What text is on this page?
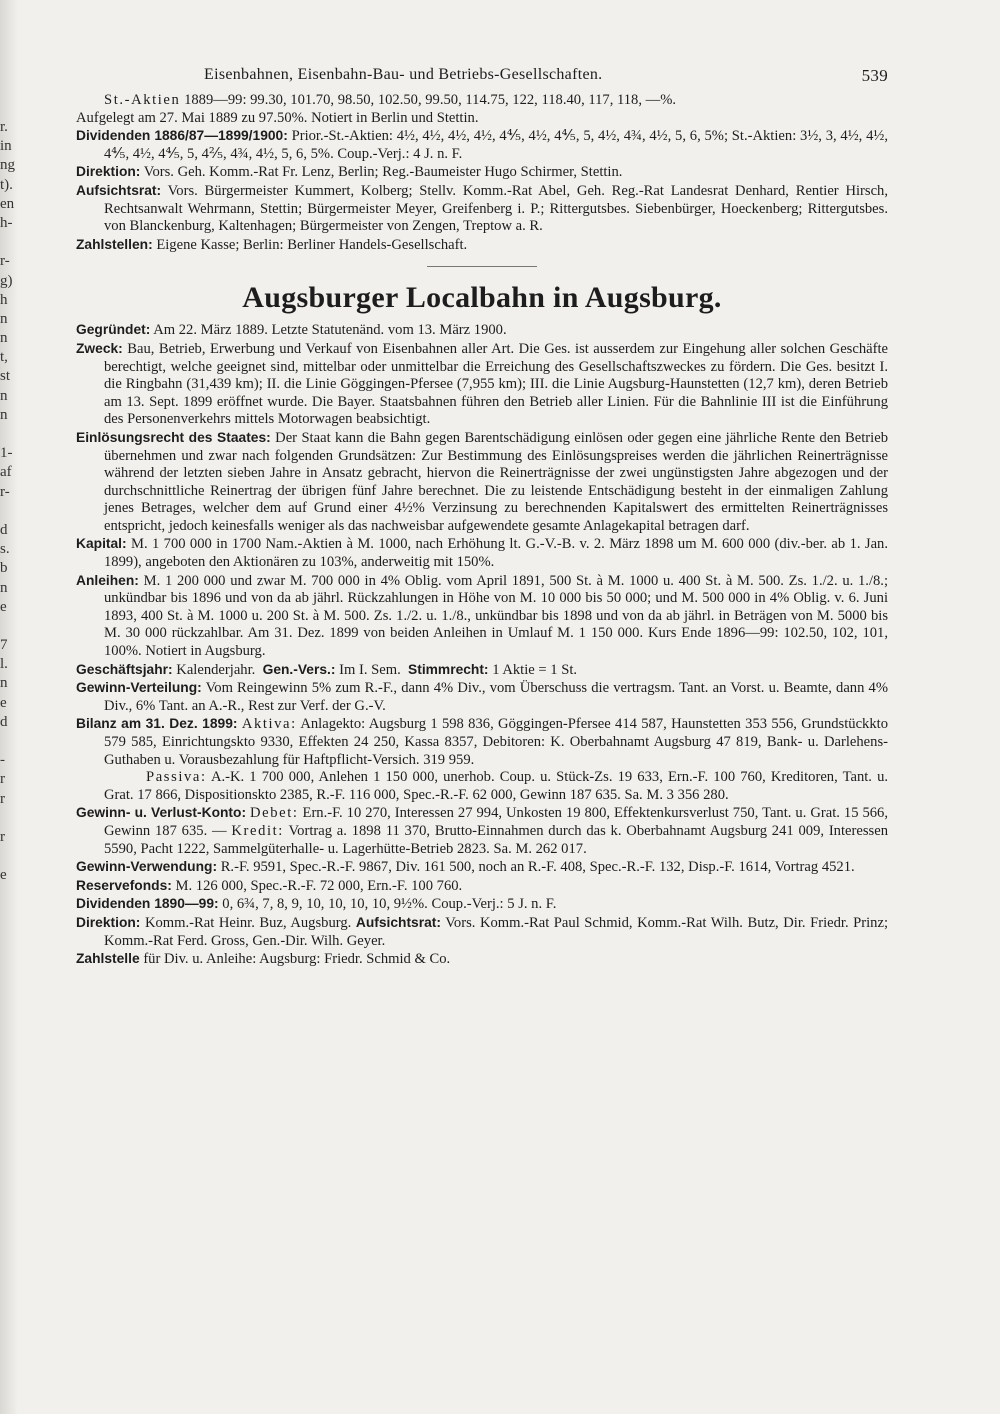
r.
in
ng
t).
en
h-
r-
g)
h
n
n
t,
st
n
n
1-
af
r-
d
s.
b
n
e
7
l.
n
e
d
-
r
r
r
e
Eisenbahnen, Eisenbahn-Bau- und Betriebs-Gesellschaften.	539

St.-Aktien 1889—99: 99.30, 101.70, 98.50, 102.50, 99.50, 114.75, 122, 118.40, 117, 118, —%.

Aufgelegt am 27. Mai 1889 zu 97.50%. Notiert in Berlin und Stettin.

Dividenden 1886/87—1899/1900: Prior.-St.-Aktien: 4½, 4½, 4½, 4½, 4⅘, 4½, 4⅘, 5, 4½, 4¾, 4½, 5, 6, 5%; St.-Aktien: 3½, 3, 4½, 4½, 4⅘, 4½, 4⅘, 5, 4⅖, 4¾, 4½, 5, 6, 5%. Coup.-Verj.: 4 J. n. F.

Direktion: Vors. Geh. Komm.-Rat Fr. Lenz, Berlin; Reg.-Baumeister Hugo Schirmer, Stettin.

Aufsichtsrat: Vors. Bürgermeister Kummert, Kolberg; Stellv. Komm.-Rat Abel, Geh. Reg.-Rat Landesrat Denhard, Rentier Hirsch, Rechtsanwalt Wehrmann, Stettin; Bürgermeister Meyer, Greifenberg i. P.; Rittergutsbes. Siebenbürger, Hoeckenberg; Rittergutsbes. von Blanckenburg, Kaltenhagen; Bürgermeister von Zengen, Treptow a. R.

Zahlstellen: Eigene Kasse; Berlin: Berliner Handels-Gesellschaft.

Augsburger Localbahn in Augsburg.

Gegründet: Am 22. März 1889. Letzte Statutenänd. vom 13. März 1900.

Zweck: Bau, Betrieb, Erwerbung und Verkauf von Eisenbahnen aller Art. Die Ges. ist ausserdem zur Eingehung aller solchen Geschäfte berechtigt, welche geeignet sind, mittelbar oder unmittelbar die Erreichung des Gesellschaftszweckes zu fördern. Die Ges. besitzt I. die Ringbahn (31,439 km); II. die Linie Göggingen-Pfersee (7,955 km); III. die Linie Augsburg-Haunstetten (12,7 km), deren Betrieb am 13. Sept. 1899 eröffnet wurde. Die Bayer. Staatsbahnen führen den Betrieb aller Linien. Für die Bahnlinie III ist die Einführung des Personenverkehrs mittels Motorwagen beabsichtigt.

Einlösungsrecht des Staates: Der Staat kann die Bahn gegen Barentschädigung einlösen oder gegen eine jährliche Rente den Betrieb übernehmen und zwar nach folgenden Grundsätzen: Zur Bestimmung des Einlösungspreises werden die jährlichen Reinerträgnisse während der letzten sieben Jahre in Ansatz gebracht, hiervon die Reinerträgnisse der zwei ungünstigsten Jahre abgezogen und der durchschnittliche Reinertrag der übrigen fünf Jahre berechnet. Die zu leistende Entschädigung besteht in der einmaligen Zahlung jenes Betrages, welcher dem auf Grund einer 4½% Verzinsung zu berechnenden Kapitalswert des ermittelten Reinerträgnisses entspricht, jedoch keinesfalls weniger als das nachweisbar aufgewendete gesamte Anlagekapital betragen darf.

Kapital: M. 1 700 000 in 1700 Nam.-Aktien à M. 1000, nach Erhöhung lt. G.-V.-B. v. 2. März 1898 um M. 600 000 (div.-ber. ab 1. Jan. 1899), angeboten den Aktionären zu 103%, anderweitig mit 150%.

Anleihen: M. 1 200 000 und zwar M. 700 000 in 4% Oblig. vom April 1891, 500 St. à M. 1000 u. 400 St. à M. 500. Zs. 1./2. u. 1./8.; unkündbar bis 1896 und von da ab jährl. Rückzahlungen in Höhe von M. 10 000 bis 50 000; und M. 500 000 in 4% Oblig. v. 6. Juni 1893, 400 St. à M. 1000 u. 200 St. à M. 500. Zs. 1./2. u. 1./8., unkündbar bis 1898 und von da ab jährl. in Beträgen von M. 5000 bis M. 30 000 rückzahlbar. Am 31. Dez. 1899 von beiden Anleihen in Umlauf M. 1 150 000. Kurs Ende 1896—99: 102.50, 102, 101, 100%. Notiert in Augsburg.

Geschäftsjahr: Kalenderjahr. Gen.-Vers.: Im I. Sem. Stimmrecht: 1 Aktie = 1 St.

Gewinn-Verteilung: Vom Reingewinn 5% zum R.-F., dann 4% Div., vom Überschuss die vertragsm. Tant. an Vorst. u. Beamte, dann 4% Div., 6% Tant. an A.-R., Rest zur Verf. der G.-V.

Bilanz am 31. Dez. 1899: Aktiva: Anlagekto: Augsburg 1 598 836, Göggingen-Pfersee 414 587, Haunstetten 353 556, Grundstückkto 579 585, Einrichtungskto 9330, Effekten 24 250, Kassa 8357, Debitoren: K. Oberbahnamt Augsburg 47 819, Bank- u. Darlehens-Guthaben u. Vorausbezahlung für Haftpflicht-Versich. 319 959.

Passiva: A.-K. 1 700 000, Anlehen 1 150 000, unerhob. Coup. u. Stück-Zs. 19 633, Ern.-F. 100 760, Kreditoren, Tant. u. Grat. 17 866, Dispositionskto 2385, R.-F. 116 000, Spec.-R.-F. 62 000, Gewinn 187 635. Sa. M. 3 356 280.

Gewinn- u. Verlust-Konto: Debet: Ern.-F. 10 270, Interessen 27 994, Unkosten 19 800, Effektenkursverlust 750, Tant. u. Grat. 15 566, Gewinn 187 635. — Kredit: Vortrag a. 1898 11 370, Brutto-Einnahmen durch das k. Oberbahnamt Augsburg 241 009, Interessen 5590, Pacht 1222, Sammelgüterhalle- u. Lagerhütte-Betrieb 2823. Sa. M. 262 017.

Gewinn-Verwendung: R.-F. 9591, Spec.-R.-F. 9867, Div. 161 500, noch an R.-F. 408, Spec.-R.-F. 132, Disp.-F. 1614, Vortrag 4521.

Reservefonds: M. 126 000, Spec.-R.-F. 72 000, Ern.-F. 100 760.

Dividenden 1890—99: 0, 6¾, 7, 8, 9, 10, 10, 10, 10, 9½%. Coup.-Verj.: 5 J. n. F.

Direktion: Komm.-Rat Heinr. Buz, Augsburg. Aufsichtsrat: Vors. Komm.-Rat Paul Schmid, Komm.-Rat Wilh. Butz, Dir. Friedr. Prinz; Komm.-Rat Ferd. Gross, Gen.-Dir. Wilh. Geyer.

Zahlstelle für Div. u. Anleihe: Augsburg: Friedr. Schmid & Co.
